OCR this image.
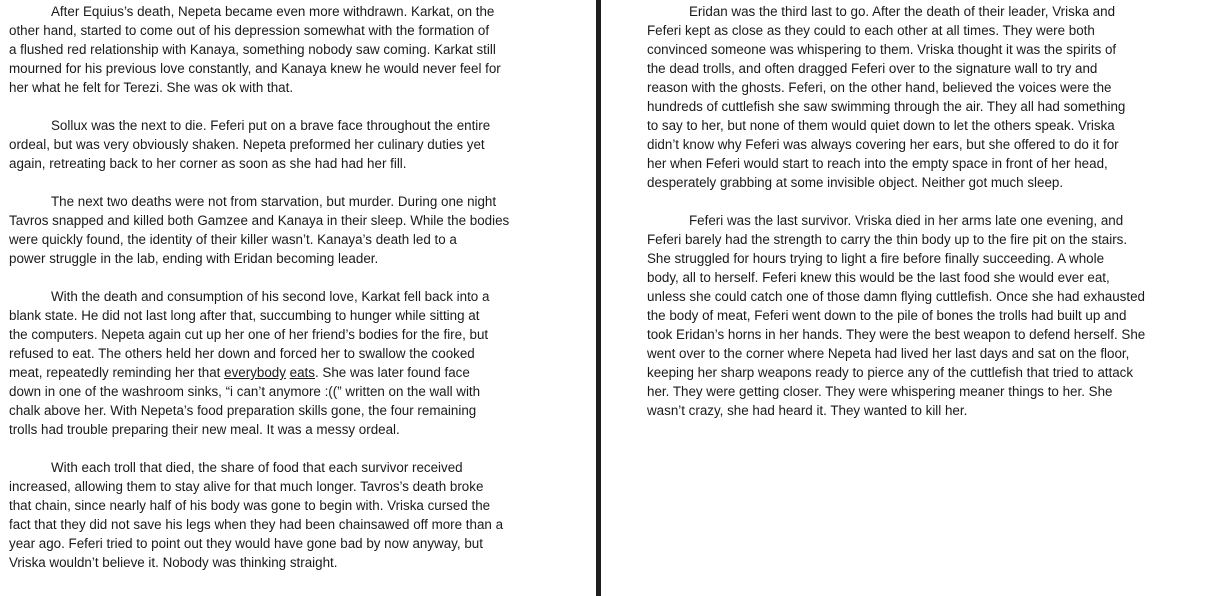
After Equius’s death, Nepeta became even more withdrawn. Karkat, on the
other hand, started to come out of his depression somewhat with the formation of
a flushed red relationship with Kanaya, something nobody saw coming. Karkat still
mourned for his previous love constantly, and Kanaya knew he would never feel for
her what he felt for Terezi. She was ok with that.

Sollux was the next to die. Feferi put on a brave face throughout the entire
ordeal, but was very obviously shaken. Nepeta preformed her culinary duties yet
again, retreating back to her corner as soon as she had had her fill.

The next two deaths were not from starvation, but murder. During one night
Tavros snapped and killed both Gamzee and Kanaya in their sleep. While the bodies
were quickly found, the identity of their killer wasn’t. Kanaya’s death led to a
power struggle in the lab, ending with Eridan becoming leader.

With the death and consumption of his second love, Karkat fell back into a
blank state. He did not last long after that, succumbing to hunger while sitting at
the computers. Nepeta again cut up her one of her friend’s bodies for the fire, but
refused to eat. The others held her down and forced her to swallow the cooked
meat, repeatedly reminding her that everybody eats. She was later found face
down in one of the washroom sinks, “i can’t anymore :((” written on the wall with
chalk above her. With Nepeta’s food preparation skills gone, the four remaining
trolls had trouble preparing their new meal. It was a messy ordeal.

With each troll that died, the share of food that each survivor received
increased, allowing them to stay alive for that much longer. Tavros’s death broke
that chain, since nearly half of his body was gone to begin with. Vriska cursed the
fact that they did not save his legs when they had been chainsawed off more than a
year ago. Feferi tried to point out they would have gone bad by now anyway, but
Vriska wouldn’t believe it. Nobody was thinking straight.

Eridan was the third last to go. After the death of their leader, Vriska and
Feferi kept as close as they could to each other at all times. They were both
convinced someone was whispering to them. Vriska thought it was the spirits of
the dead trolls, and often dragged Feferi over to the signature wall to try and
reason with the ghosts. Feferi, on the other hand, believed the voices were the
hundreds of cuttlefish she saw swimming through the air. They all had something
to say to her, but none of them would quiet down to let the others speak. Vriska
didn’t know why Feferi was always covering her ears, but she offered to do it for
her when Feferi would start to reach into the empty space in front of her head,
desperately grabbing at some invisible object. Neither got much sleep.

Feferi was the last survivor. Vriska died in her arms late one evening, and
Feferi barely had the strength to carry the thin body up to the fire pit on the stairs.
She struggled for hours trying to light a fire before finally succeeding. A whole
body, all to herself. Feferi knew this would be the last food she would ever eat,
unless she could catch one of those damn flying cuttlefish. Once she had exhausted
the body of meat, Feferi went down to the pile of bones the trolls had built up and
took Eridan’s horns in her hands. They were the best weapon to defend herself. She
went over to the corner where Nepeta had lived her last days and sat on the floor,
keeping her sharp weapons ready to pierce any of the cuttlefish that tried to attack
her. They were getting closer. They were whispering meaner things to her. She
wasn’t crazy, she had heard it. They wanted to kill her.
